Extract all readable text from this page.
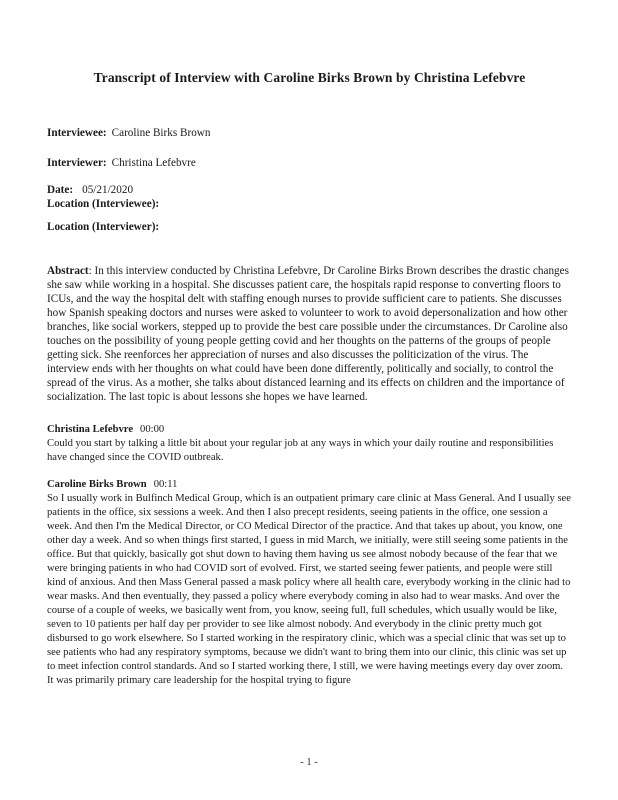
Transcript of Interview with Caroline Birks Brown by Christina Lefebvre
Interviewee: Caroline Birks Brown
Interviewer: Christina Lefebvre
Date: 05/21/2020
Location (Interviewee):
Location (Interviewer):
Abstract: In this interview conducted by Christina Lefebvre, Dr Caroline Birks Brown describes the drastic changes she saw while working in a hospital. She discusses patient care, the hospitals rapid response to converting floors to ICUs, and the way the hospital delt with staffing enough nurses to provide sufficient care to patients. She discusses how Spanish speaking doctors and nurses were asked to volunteer to work to avoid depersonalization and how other branches, like social workers, stepped up to provide the best care possible under the circumstances. Dr Caroline also touches on the possibility of young people getting covid and her thoughts on the patterns of the groups of people getting sick. She reenforces her appreciation of nurses and also discusses the politicization of the virus. The interview ends with her thoughts on what could have been done differently, politically and socially, to control the spread of the virus. As a mother, she talks about distanced learning and its effects on children and the importance of socialization. The last topic is about lessons she hopes we have learned.
Christina Lefebvre 00:00
Could you start by talking a little bit about your regular job at any ways in which your daily routine and responsibilities have changed since the COVID outbreak.
Caroline Birks Brown 00:11
So I usually work in Bulfinch Medical Group, which is an outpatient primary care clinic at Mass General. And I usually see patients in the office, six sessions a week. And then I also precept residents, seeing patients in the office, one session a week. And then I'm the Medical Director, or CO Medical Director of the practice. And that takes up about, you know, one other day a week. And so when things first started, I guess in mid March, we initially, were still seeing some patients in the office. But that quickly, basically got shut down to having them having us see almost nobody because of the fear that we were bringing patients in who had COVID sort of evolved. First, we started seeing fewer patients, and people were still kind of anxious. And then Mass General passed a mask policy where all health care, everybody working in the clinic had to wear masks. And then eventually, they passed a policy where everybody coming in also had to wear masks. And over the course of a couple of weeks, we basically went from, you know, seeing full, full schedules, which usually would be like, seven to 10 patients per half day per provider to see like almost nobody. And everybody in the clinic pretty much got disbursed to go work elsewhere. So I started working in the respiratory clinic, which was a special clinic that was set up to see patients who had any respiratory symptoms, because we didn't want to bring them into our clinic, this clinic was set up to meet infection control standards. And so I started working there, I still, we were having meetings every day over zoom. It was primarily primary care leadership for the hospital trying to figure
- 1 -
